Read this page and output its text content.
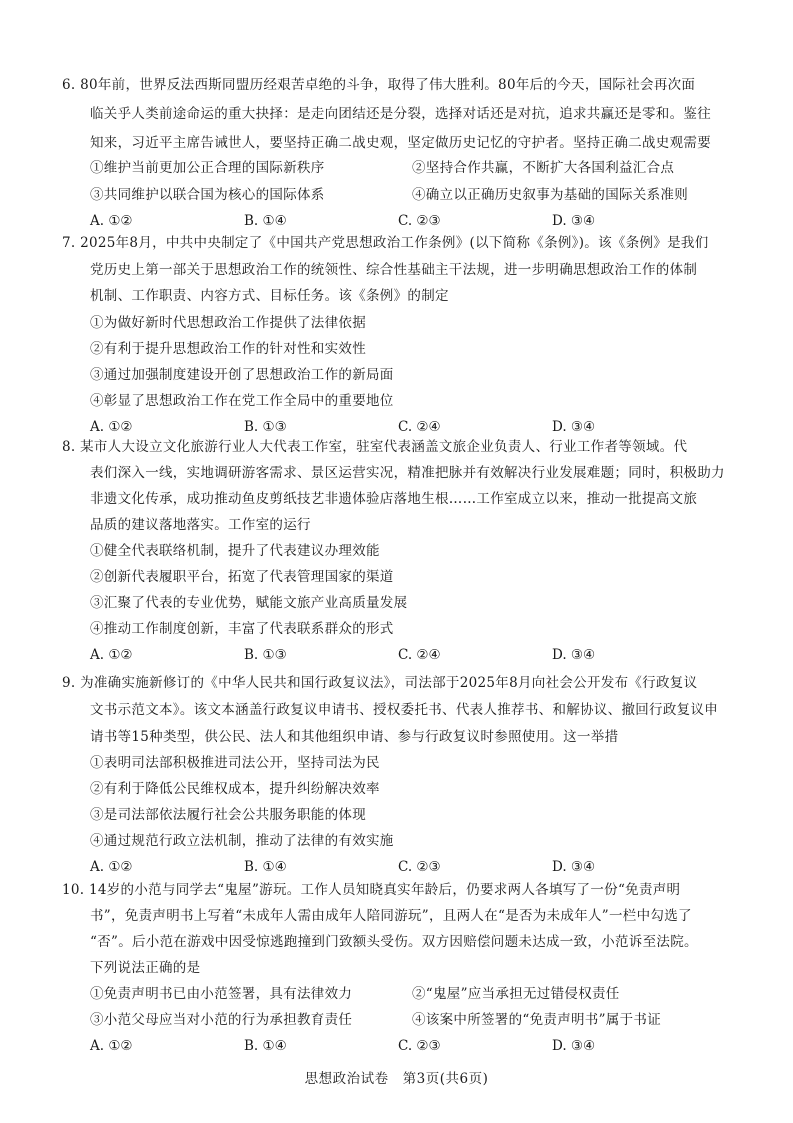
6. 80年前，世界反法西斯同盟历经艰苦卓绝的斗争，取得了伟大胜利。80年后的今天，国际社会再次面
临关乎人类前途命运的重大抉择：是走向团结还是分裂，选择对话还是对抗，追求共赢还是零和。鉴往
知来，习近平主席告诫世人，要坚持正确二战史观，坚定做历史记忆的守护者。坚持正确二战史观需要
①维护当前更加公正合理的国际新秩序	②坚持合作共赢，不断扩大各国利益汇合点
③共同维护以联合国为核心的国际体系	④确立以正确历史叙事为基础的国际关系准则
A. ①②	B. ①④	C. ②③	D. ③④
7. 2025年8月，中共中央制定了《中国共产党思想政治工作条例》(以下简称《条例》)。该《条例》是我们
党历史上第一部关于思想政治工作的统领性、综合性基础主干法规，进一步明确思想政治工作的体制
机制、工作职责、内容方式、目标任务。该《条例》的制定
①为做好新时代思想政治工作提供了法律依据
②有利于提升思想政治工作的针对性和实效性
③通过加强制度建设开创了思想政治工作的新局面
④彰显了思想政治工作在党工作全局中的重要地位
A. ①②	B. ①③	C. ②④	D. ③④
8. 某市人大设立文化旅游行业人大代表工作室，驻室代表涵盖文旅企业负责人、行业工作者等领域。代
表们深入一线，实地调研游客需求、景区运营实况，精准把脉并有效解决行业发展难题；同时，积极助力
非遗文化传承，成功推动鱼皮剪纸技艺非遗体验店落地生根……工作室成立以来，推动一批提高文旅
品质的建议落地落实。工作室的运行
①健全代表联络机制，提升了代表建议办理效能
②创新代表履职平台，拓宽了代表管理国家的渠道
③汇聚了代表的专业优势，赋能文旅产业高质量发展
④推动工作制度创新，丰富了代表联系群众的形式
A. ①②	B. ①③	C. ②④	D. ③④
9. 为准确实施新修订的《中华人民共和国行政复议法》，司法部于2025年8月向社会公开发布《行政复议
文书示范文本》。该文本涵盖行政复议申请书、授权委托书、代表人推荐书、和解协议、撤回行政复议申
请书等15种类型，供公民、法人和其他组织申请、参与行政复议时参照使用。这一举措
①表明司法部积极推进司法公开，坚持司法为民
②有利于降低公民维权成本，提升纠纷解决效率
③是司法部依法履行社会公共服务职能的体现
④通过规范行政立法机制，推动了法律的有效实施
A. ①②	B. ①④	C. ②③	D. ③④
10. 14岁的小范与同学去“鬼屋”游玩。工作人员知晓真实年龄后，仍要求两人各填写了一份“免责声明
书”，免责声明书上写着“未成年人需由成年人陪同游玩”，且两人在“是否为未成年人”一栏中勾选了
“否”。后小范在游戏中因受惊逃跑撞到门致额头受伤。双方因赔偿问题未达成一致，小范诉至法院。
下列说法正确的是
①免责声明书已由小范签署，具有法律效力	②“鬼屋”应当承担无过错侵权责任
③小范父母应当对小范的行为承担教育责任	④该案中所签署的“免责声明书”属于书证
A. ①②	B. ①④	C. ②③	D. ③④
思想政治试卷　第3页(共6页)
